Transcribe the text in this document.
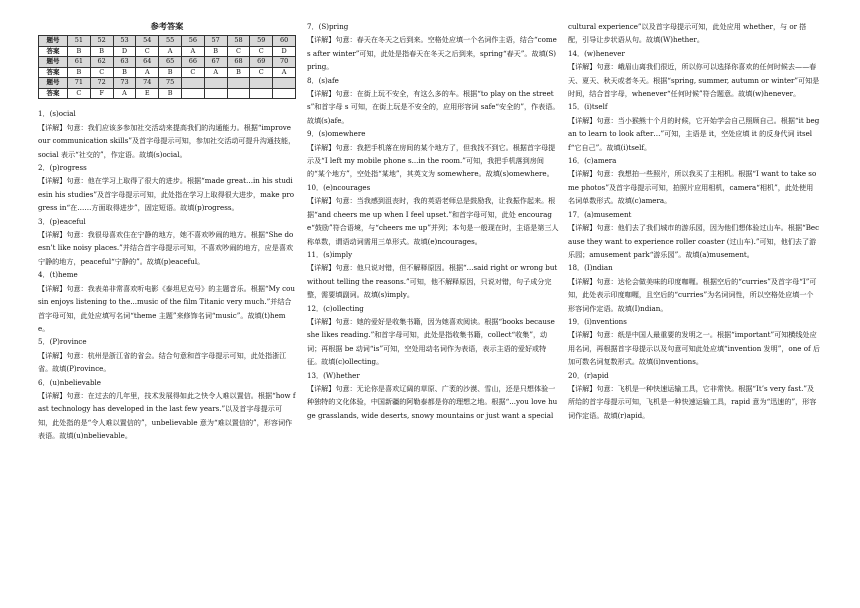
参考答案
题号	51	52	53	54	55	56	57	58	59	60
答案	B	B	D	C	A	A	B	C	C	D
题号	61	62	63	64	65	66	67	68	69	70
答案	B	C	B	A	B	C	A	B	C	A
题号	71	72	73	74	75					
答案	C	F	A	E	B					

1．(s)ocial

【详解】句意：我们应该多参加社交活动来提高我们的沟通能力。根据“improve our communication skills”及首字母提示可知，参加社交活动可提升沟通技能，social 表示“社交的”，作定语。故填(s)ocial。

2．(p)rogress

【详解】句意：他在学习上取得了很大的进步。根据“made great…in his studiesin his studies”及首字母提示可知，此处指在学习上取得很大进步，make progress in“在……方面取得进步”，固定短语。故填(p)rogress。

3．(p)eaceful

【详解】句意：我很母喜欢住在宁静的地方，她不喜欢吵闹的地方。根据“She doesn’t like noisy places.”并结合首字母提示可知，不喜欢吵闹的地方，应是喜欢宁静的地方，peaceful“宁静的”。故填(p)eaceful。

4．(t)heme

【详解】句意：我表弟非常喜欢听电影《泰坦尼克号》的主题音乐。根据“My cousin enjoys listening to the...music of the film Titanic very much.”并结合首字母可知，此处应填写名词“theme 主题”来修饰名词“music”。故填(t)heme。

5．(P)rovince

【详解】句意：杭州是浙江省的省会。结合句意和首字母提示可知，此处指浙江省。故填(P)rovince。

6．(u)nbelievable

【详解】句意：在过去的几年里，技术发展得如此之快令人难以置信。根据“how fast technology has developed in the last few years.”以及首字母提示可知，此处指的是“令人难以置信的”，unbelievable 意为“难以置信的”，形容词作表语。故填(u)nbelievable。

7．(S)pring

【详解】句意：春天在冬天之后到来。空格处应填一个名词作主语，结合“comes after winter”可知，此处是指春天在冬天之后到来，spring“春天”。故填(S)pring。

8．(s)afe

【详解】句意：在街上玩不安全，有这么多的车。根据“to play on the streets”和首字母 s 可知，在街上玩是不安全的，应用形容词 safe“安全的”，作表语。故填(s)afe。

9．(s)omewhere

【详解】句意：我把手机落在房间的某个地方了，但我找不到它。根据首字母提示及“I left my mobile phone s...in the room.”可知，我把手机落到房间的“某个地方”，空处指“某地”，其英文为 somewhere。故填(s)omewhere。

10．(e)ncourages

【详解】句意：当我感到沮丧时，我的英语老师总是鼓励我，让我振作起来。根据“and cheers me up when I feel upset.”和首字母可知，此处 encourage“鼓励”符合语境，与“cheers me up”并列；本句是一般现在时，主语是第三人称单数，谓语动词需用三单形式。故填(e)ncourages。

11．(s)imply

【详解】句意：他只说对错，但不解释原因。根据“...said right or wrong but without telling the reasons.”可知，他不解释原因，只说对错，句子成分完整，需要填副词。故填(s)imply。

12．(c)ollecting

【详解】句意：她的爱好是收集书籍，因为她喜欢阅读。根据“books because she likes reading.”和首字母可知，此处是指收集书籍，collect“收集”，动词；再根据 be 动词“is”可知，空处用动名词作为表语，表示主语的爱好或特征。故填(c)ollecting。

13．(W)hether

【详解】句意：无论你是喜欢辽阔的草原、广袤的沙漠、雪山，还是只想体验一种独特的文化体验，中国新疆的阿勒泰都是你的理想之地。根据“...you love huge grasslands, wide deserts, snowy mountains or just want a special

cultural experience”以及首字母提示可知，此处应用 whether，与 or 搭配，引导让步状语从句。故填(W)hether。

14．(w)henever

【详解】句意：峨眉山离我们很近，所以你可以选择你喜欢的任何时候去——春天、夏天、秋天或者冬天。根据“spring, summer, autumn or winter”可知是时间，结合首字母，whenever“任何时候”符合题意。故填(w)henever。

15．(i)tself

【详解】句意：当小猴熊十个月的时候，它开始学会自己照顾自己。根据“it began to learn to look after…”可知，主语是 it，空处应填 it 的反身代词 itself“它自己”。故填(i)tself。

16．(c)amera

【详解】句意：我想拍一些照片，所以我买了主相机。根据“I want to take some photos”及首字母提示可知，拍照片应用相机，camera“相机”，此处使用名词单数形式。故填(c)amera。

17．(a)musement

【详解】句意：他们去了我们城市的游乐园，因为他们想体验过山车。根据“Because they want to experience roller coaster (过山车).”可知，他们去了游乐园；amusement park“游乐园”。故填(a)musement。

18．(I)ndian

【详解】句意：达伦会做美味的印度咖喱。根据空后的“curries”及首字母“I”可知，此处表示印度咖喱，且空后的“curries”为名词词性，所以空格处应填一个形容词作定语。故填(I)ndian。

19．(i)nventions

【详解】句意：纸是中国人最重要的发明之一。根据“important”可知横线处应用名词，再根据首字母提示以及句意可知此处应填“invention 发明”，one of 后加可数名词复数形式。故填(i)nventions。

20．(r)apid

【详解】句意：飞机是一种快速运输工具，它非常快。根据“It’s very fast.”及所给的首字母提示可知，飞机是一种快速运输工具，rapid 意为“迅速的”，形容词作定语。故填(r)apid。
